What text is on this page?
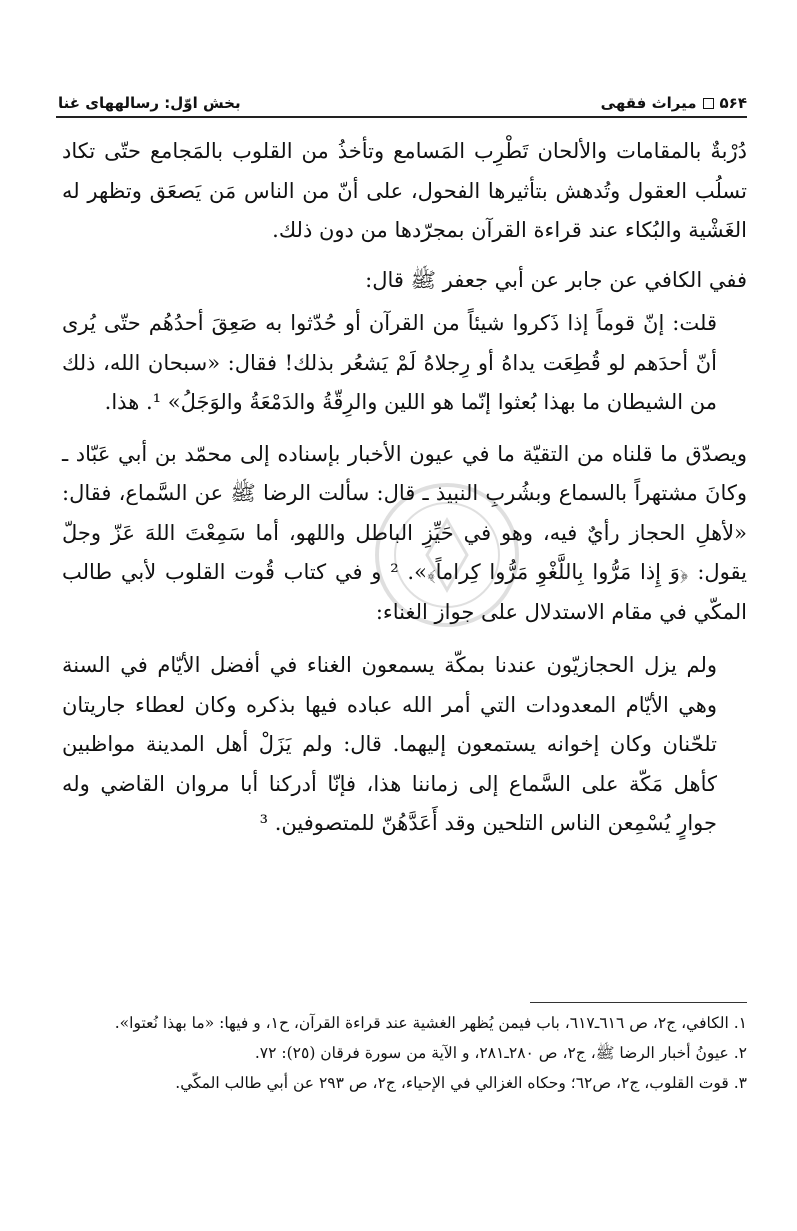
۵۶۴
میراث فقهی
بخش اوّل: رسالههای غنا

دُرْبةٌ بالمقامات والألحان تَطْرِب المَسامع وتأخذُ من القلوب بالمَجامع حتّى تكاد تسلُب العقول وتُدهش بتأثيرها الفحول، على أنّ من الناس مَن يَصعَق وتظهر له الغَشْية والبُكاء عند قراءة القرآن بمجرّدها من دون ذلك.

ففي الكافي عن جابر عن أبي جعفر ﷺ قال:

قلت: إنّ قوماً إذا ذَكروا شيئاً من القرآن أو حُدّثوا به صَعِقَ أحدُهُم حتّى يُرى أنّ أحدَهم لو قُطِعَت يداهُ أو رِجلاهُ لَمْ يَشعُر بذلك! فقال: «سبحان الله، ذلك من الشيطان ما بهذا بُعثوا إنّما هو اللين والرِقّةُ والدَمْعَةُ والوَجَلُ» ¹. هذا.

ويصدّق ما قلناه من التقيّة ما في عيون الأخبار بإسناده إلى محمّد بن أبي عَبّاد ـ وكانَ مشتهراً بالسماع وبشُربِ النبيذ ـ قال: سألت الرضا ﷺ عن السَّماع، فقال: «لأهلِ الحجاز رأيٌ فيه، وهو في حَيِّزِ الباطل واللهو، أما سَمِعْتَ اللهَ عَزّ وجلّ يقول: ﴿وَ إِذا مَرُّوا بِاللَّغْوِ مَرُّوا كِراماً﴾». ² و في كتاب قُوت القلوب لأبي طالب المكّي في مقام الاستدلال على جواز الغناء:

ولم يزل الحجازيّون عندنا بمكّة يسمعون الغناء في أفضل الأيّام في السنة وهي الأيّام المعدودات التي أمر الله عباده فيها بذكره وكان لعطاء جاريتان تلحّنان وكان إخوانه يستمعون إليهما. قال: ولم يَزَلْ أهل المدينة مواظبين كأهل مَكّة على السَّماع إلى زماننا هذا، فإنّا أدركنا أبا مروان القاضي وله جوارٍ يُسْمِعن الناس التلحين وقد أَعَدَّهُنّ للمتصوفين. ³

١. الكافي، ج٢، ص ٦١٦ـ٦١٧، باب فيمن يُظهر الغشية عند قراءة القرآن، ح١، و فيها: «ما بهذا نُعتوا».

٢. عيونُ أخبار الرضا ﷺ، ج٢، ص ٢٨٠ـ٢٨١، و الآية من سورة فرقان (٢٥): ٧٢.

٣. قوت القلوب، ج٢، ص٦٢؛ وحكاه الغزالي في الإحياء، ج٢، ص ٢٩٣ عن أبي طالب المكّي.
